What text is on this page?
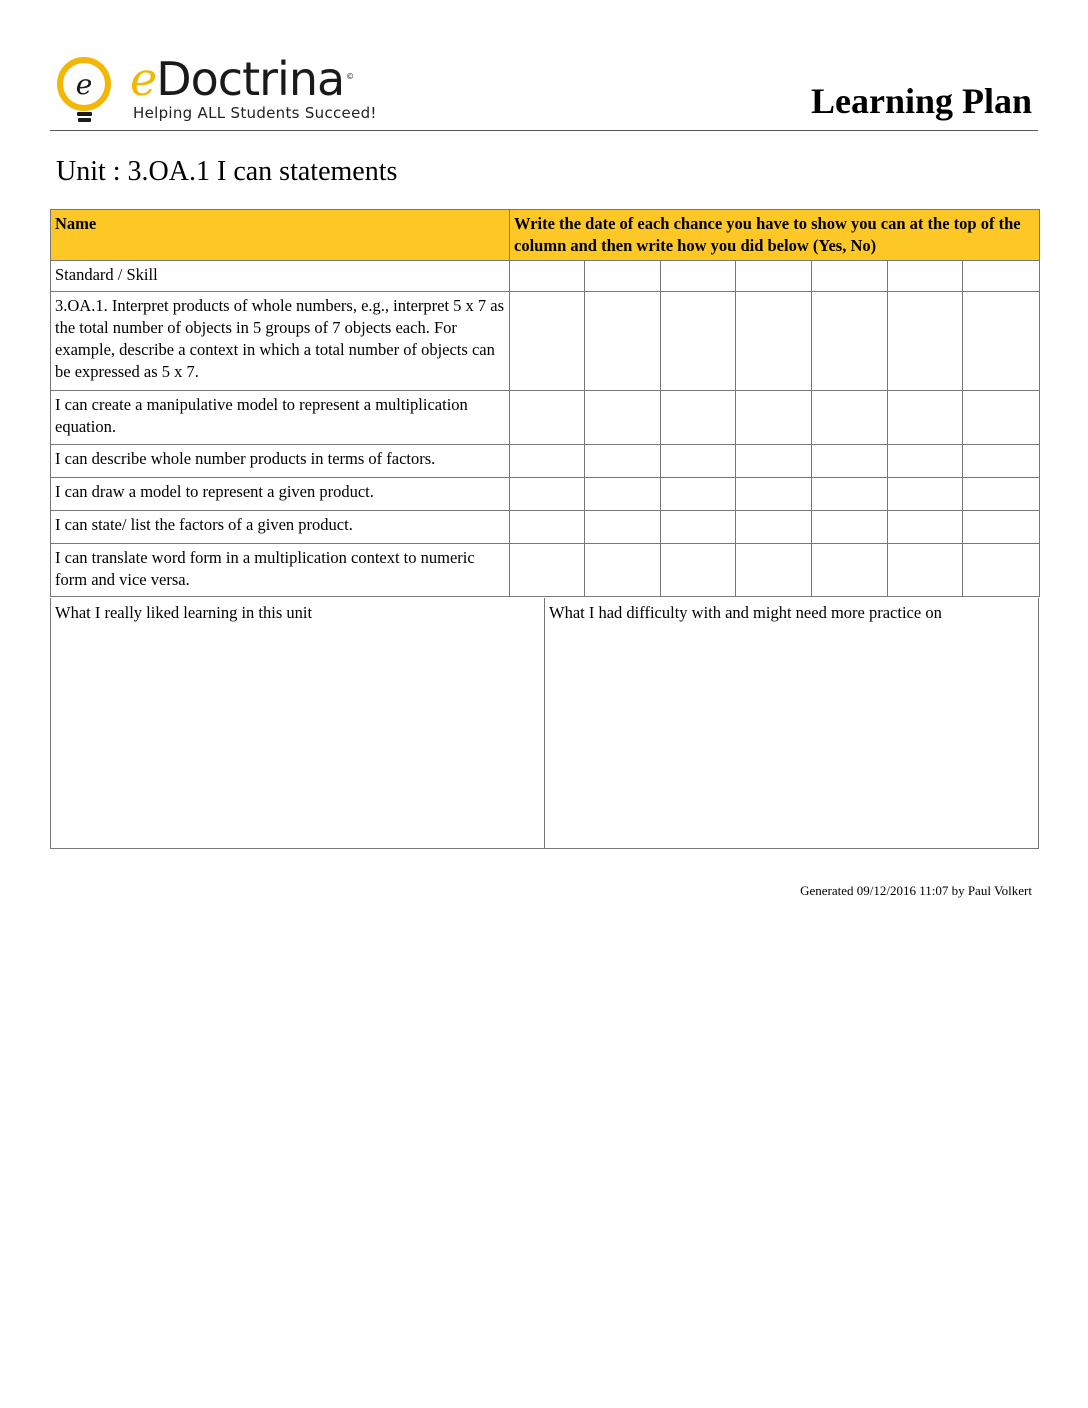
e eDoctrina ©
Helping ALL Students Succeed!	Learning Plan
Unit : 3.OA.1 I can statements
Name	Write the date of each chance you have to show you can at the top of the column and then write how you did below (Yes, No)						
Standard / Skill							
3.OA.1. Interpret products of whole numbers, e.g., interpret 5 x 7 as the total number of objects in 5 groups of 7 objects each. For example, describe a context in which a total number of objects can be expressed as 5 x 7.							
I can create a manipulative model to represent a multiplication equation.							
I can describe whole number products in terms of factors.							
I can draw a model to represent a given product.							
I can state/ list the factors of a given product.							
I can translate word form in a multiplication context to numeric form and vice versa.							
What I really liked learning in this unit	What I had difficulty with and might need more practice on
Generated 09/12/2016 11:07 by Paul Volkert
